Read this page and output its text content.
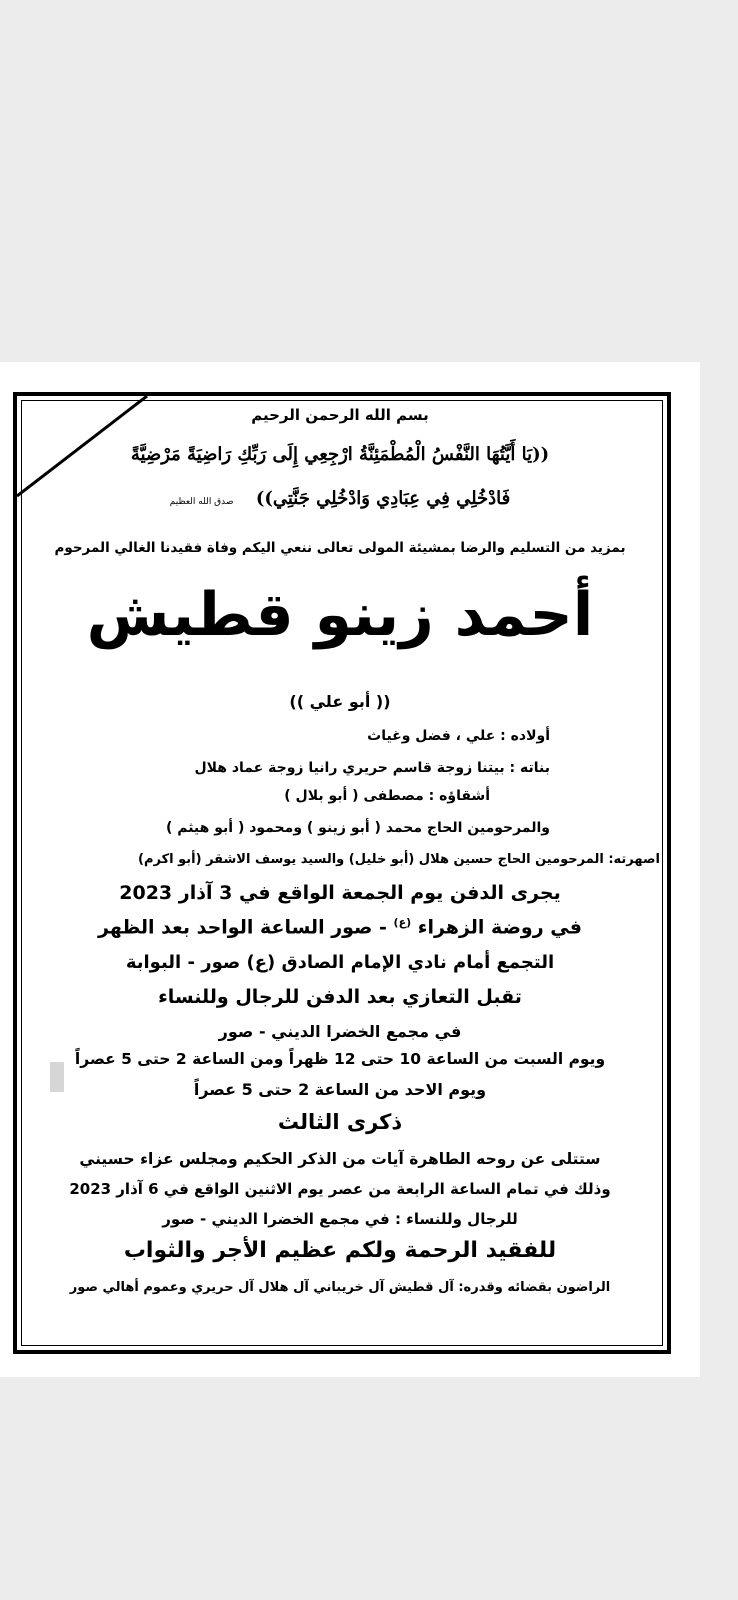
بسم الله الرحمن الرحيم

((يَا أَيَّتُهَا النَّفْسُ الْمُطْمَئِنَّةُ ارْجِعِي إِلَى رَبِّكِ رَاضِيَةً مَرْضِيَّةً

فَادْخُلِي فِي عِبَادِي وَادْخُلِي جَنَّتِي)) صدق الله العظيم

بمزيد من التسليم والرضا بمشيئة المولى تعالى ننعي اليكم وفاة فقيدنا الغالي المرحوم

أحمد زينو قطيش

(( أبو علي ))

أولاده : علي ، فضل وغياث

بناته : بيتنا زوجة قاسم حريري رانيا زوجة عماد هلال

أشقاؤه : مصطفى ( أبو بلال )

والمرحومين الحاج محمد ( أبو زينو ) ومحمود ( أبو هيثم )

اصهرته: المرحومين الحاج حسين هلال (أبو خليل) والسيد يوسف الاشقر (أبو اكرم)

يجرى الدفن يوم الجمعة الواقع في 3 آذار 2023

في روضة الزهراء $^{(ع)}$ - صور الساعة الواحد بعد الظهر

التجمع أمام نادي الإمام الصادق (ع) صور - البوابة

تقبل التعازي بعد الدفن للرجال وللنساء

في مجمع الخضرا الديني - صور

ويوم السبت من الساعة 10 حتى 12 ظهراً ومن الساعة 2 حتى 5 عصراً

ويوم الاحد من الساعة 2 حتى 5 عصراً

ذكرى الثالث

ستتلى عن روحه الطاهرة آيات من الذكر الحكيم ومجلس عزاء حسيني

وذلك في تمام الساعة الرابعة من عصر يوم الاثنين الواقع في 6 آذار 2023

للرجال وللنساء : في مجمع الخضرا الديني - صور

للفقيد الرحمة ولكم عظيم الأجر والثواب

الراضون بقضائه وقدره: آل قطيش آل خريباني آل هلال آل حريري وعموم أهالي صور
